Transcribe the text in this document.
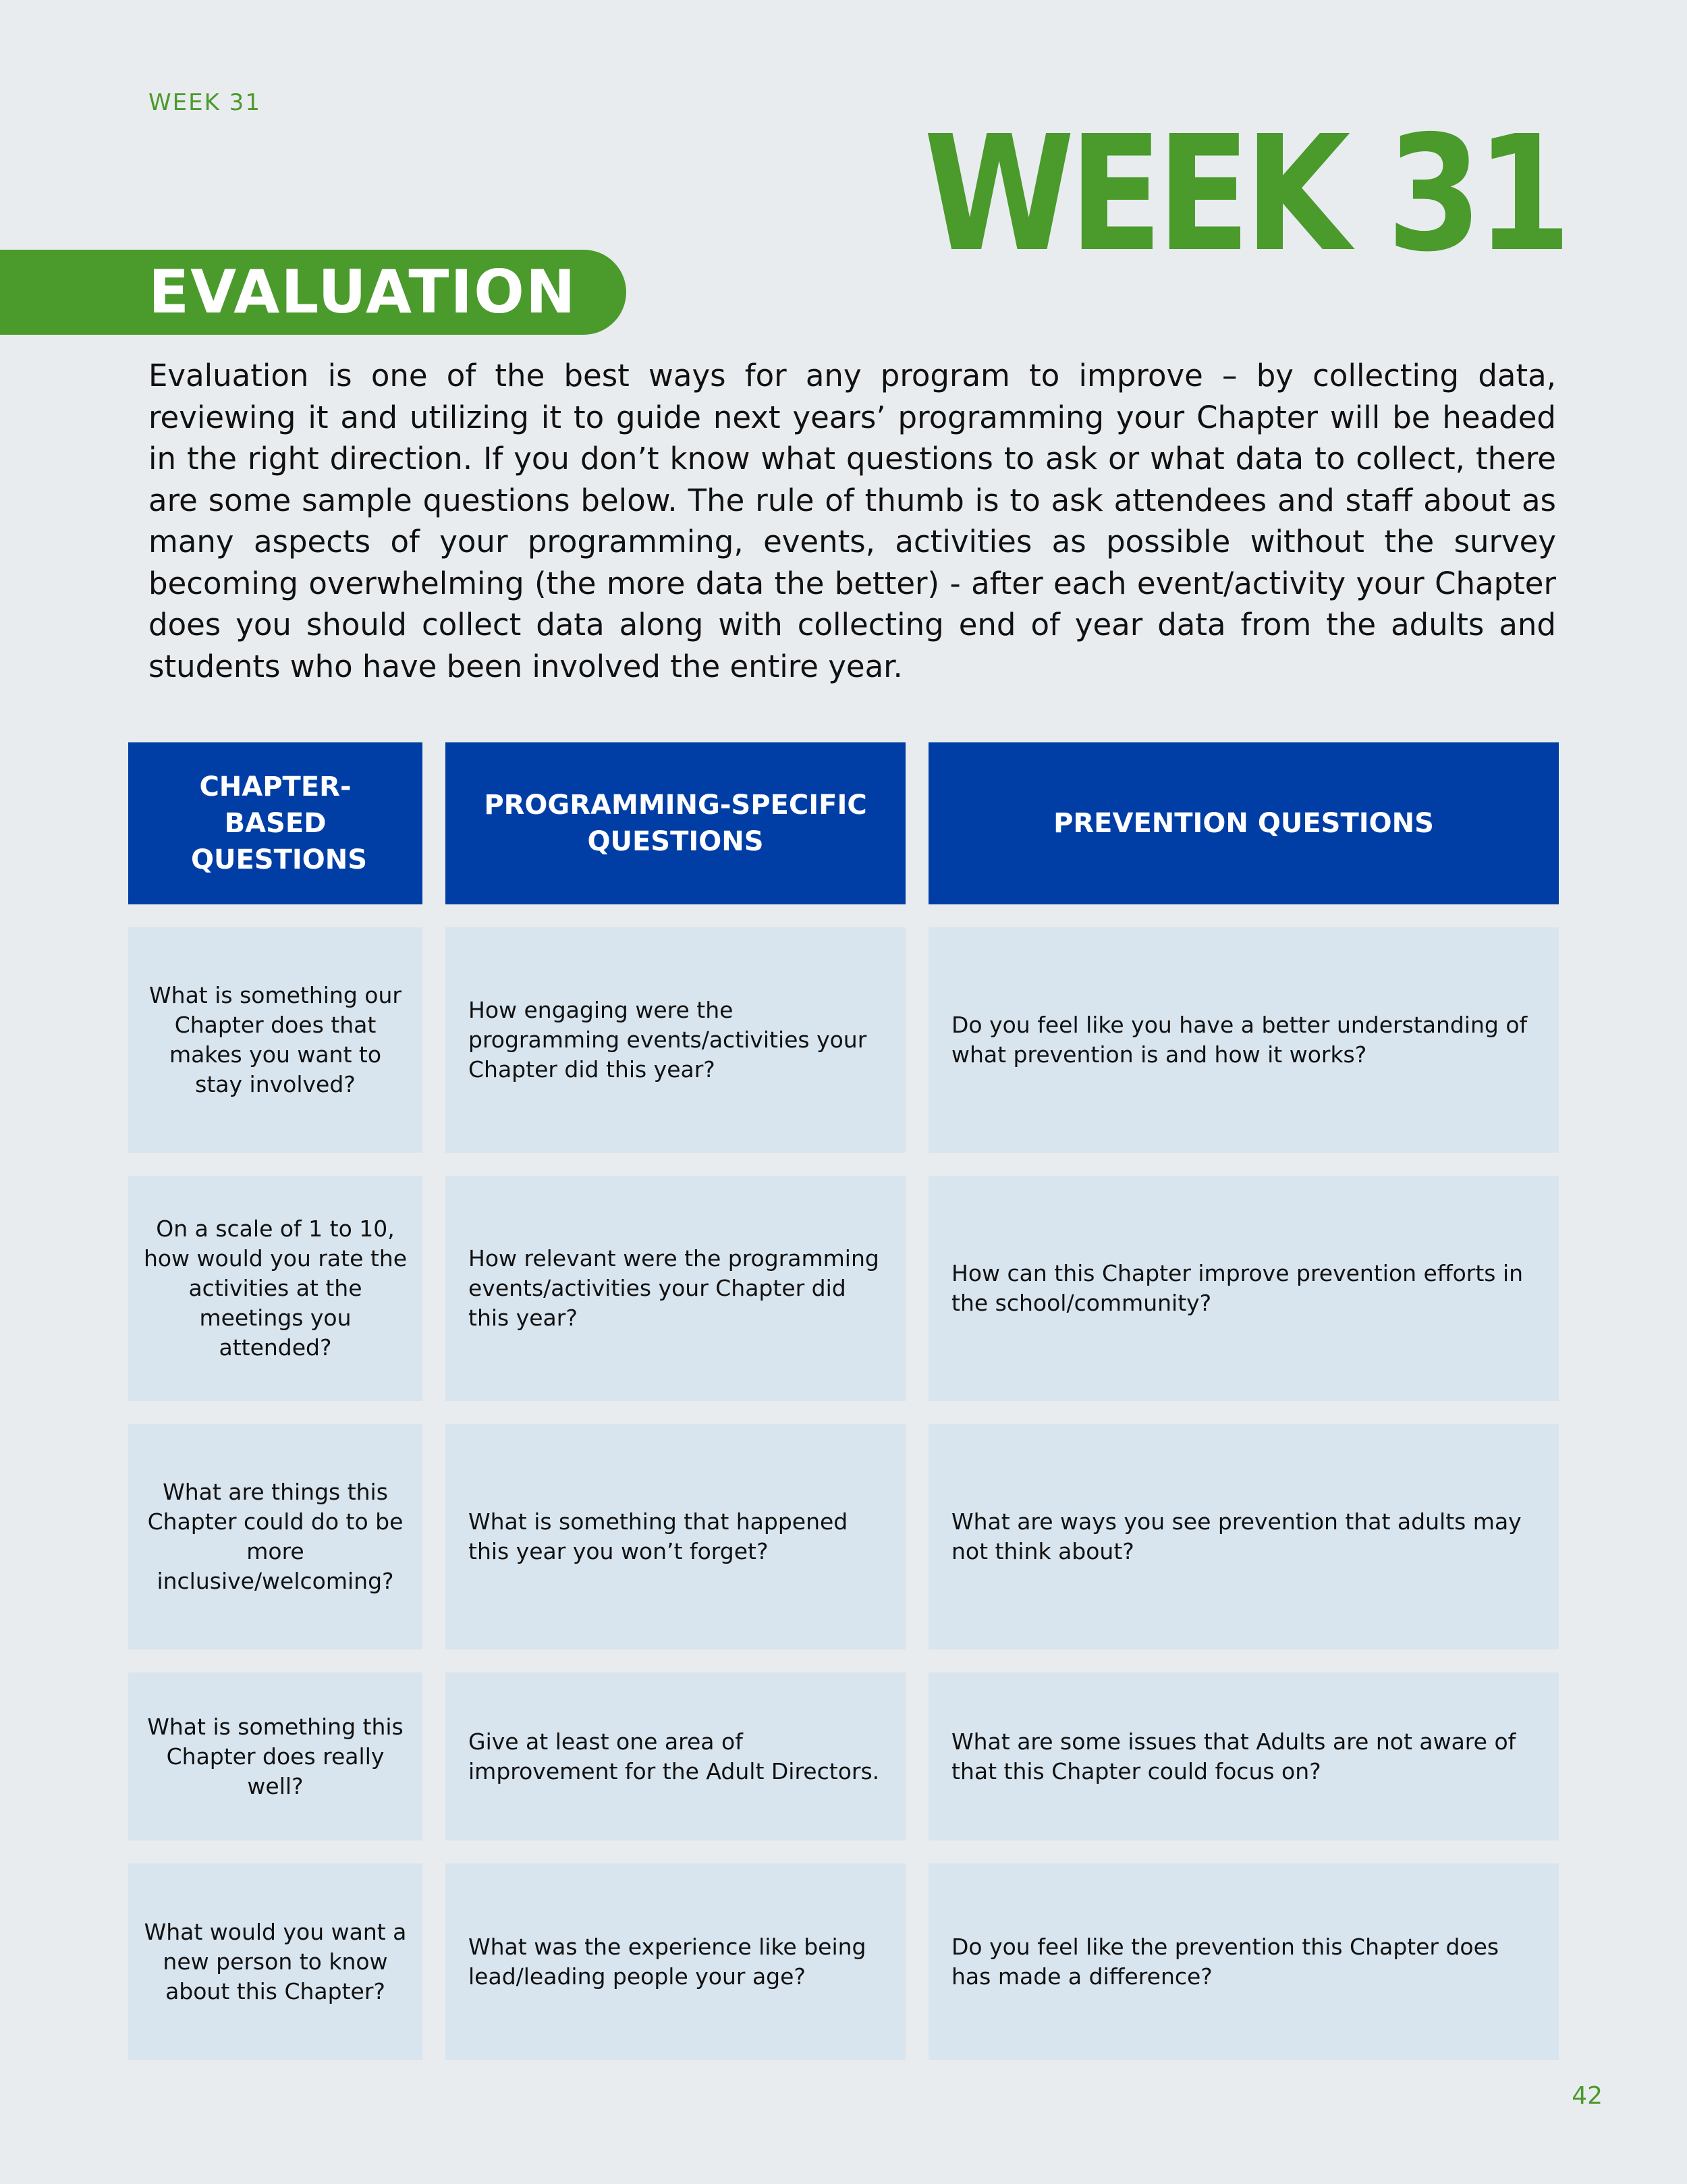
WEEK 31	WEEK 31
EVALUATION
Evaluation is one of the best ways for any program to improve – by collecting data, reviewing it and utilizing it to guide next years’ programming your Chapter will be headed in the right direction. If you don’t know what questions to ask or what data to collect, there are some sample questions below. The rule of thumb is to ask attendees and staff about as many aspects of your programming, events, activities as possible without the survey becoming overwhelming (the more data the better) - after each event/activity your Chapter does you should collect data along with collecting end of year data from the adults and students who have been involved the entire year.
CHAPTER-BASED QUESTIONS
PROGRAMMING-SPECIFIC QUESTIONS
PREVENTION QUESTIONS
What is something our Chapter does that makes you want to stay involved?
How engaging were the programming events/activities your Chapter did this year?
Do you feel like you have a better understanding of what prevention is and how it works?
On a scale of 1 to 10, how would you rate the activities at the meetings you attended?
How relevant were the programming events/activities your Chapter did this year?
How can this Chapter improve prevention efforts in the school/community?
What are things this Chapter could do to be more inclusive/welcoming?
What is something that happened this year you won’t forget?
What are ways you see prevention that adults may not think about?
What is something this Chapter does really well?
Give at least one area of improvement for the Adult Directors.
What are some issues that Adults are not aware of that this Chapter could focus on?
What would you want a new person to know about this Chapter?
What was the experience like being lead/leading people your age?
Do you feel like the prevention this Chapter does has made a difference?
42
